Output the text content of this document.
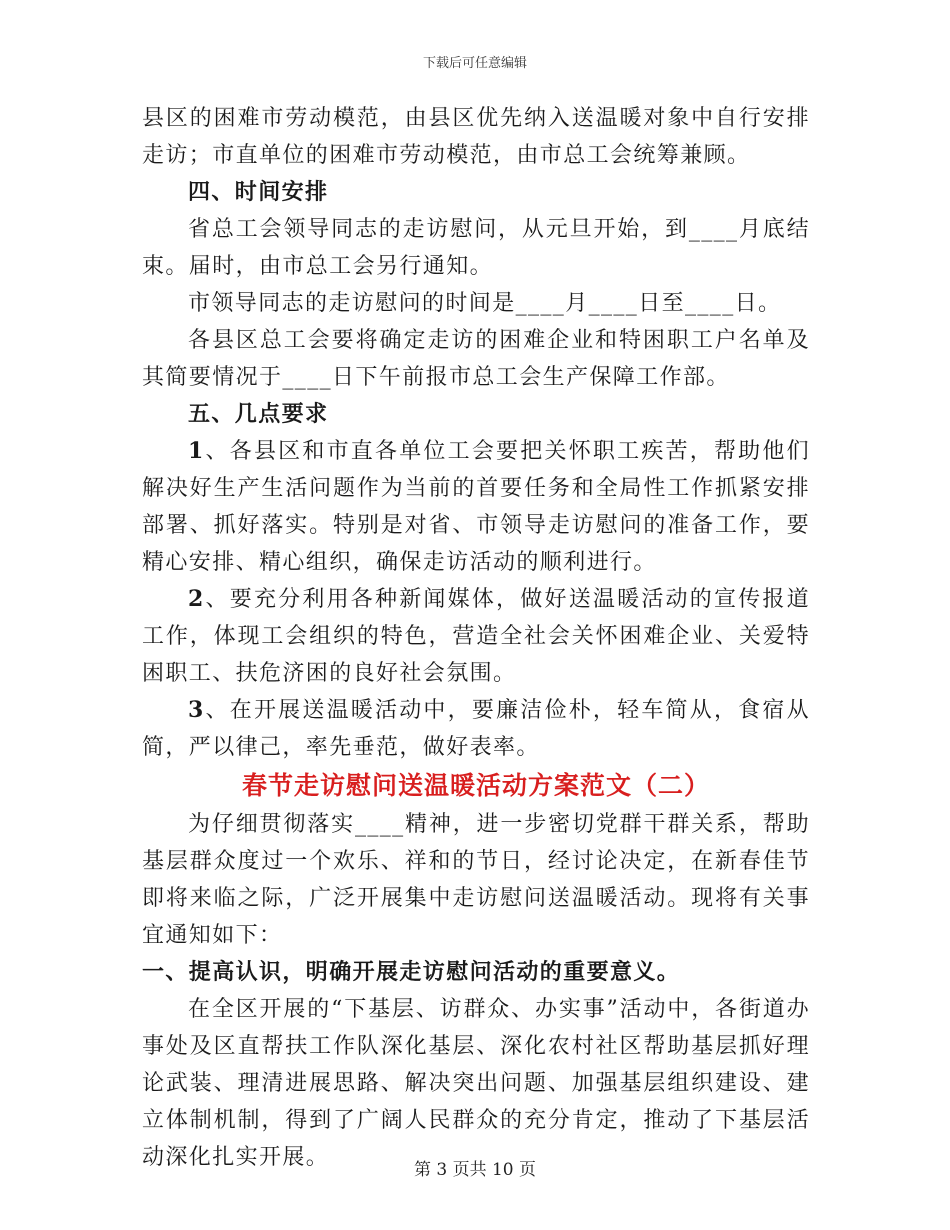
下载后可任意编辑

县区的困难市劳动模范，由县区优先纳入送温暖对象中自行安排走访；市直单位的困难市劳动模范，由市总工会统筹兼顾。

四、时间安排

省总工会领导同志的走访慰问，从元旦开始，到____月底结束。届时，由市总工会另行通知。

市领导同志的走访慰问的时间是____月____日至____日。

各县区总工会要将确定走访的困难企业和特困职工户名单及其简要情况于____日下午前报市总工会生产保障工作部。

五、几点要求

1、各县区和市直各单位工会要把关怀职工疾苦，帮助他们解决好生产生活问题作为当前的首要任务和全局性工作抓紧安排部署、抓好落实。特别是对省、市领导走访慰问的准备工作，要精心安排、精心组织，确保走访活动的顺利进行。

2、要充分利用各种新闻媒体，做好送温暖活动的宣传报道工作，体现工会组织的特色，营造全社会关怀困难企业、关爱特困职工、扶危济困的良好社会氛围。

3、在开展送温暖活动中，要廉洁俭朴，轻车简从，食宿从简，严以律己，率先垂范，做好表率。

春节走访慰问送温暖活动方案范文（二）

为仔细贯彻落实____精神，进一步密切党群干群关系，帮助基层群众度过一个欢乐、祥和的节日，经讨论决定，在新春佳节即将来临之际，广泛开展集中走访慰问送温暖活动。现将有关事宜通知如下：

一、提高认识，明确开展走访慰问活动的重要意义。

在全区开展的“下基层、访群众、办实事”活动中，各街道办事处及区直帮扶工作队深化基层、深化农村社区帮助基层抓好理论武装、理清进展思路、解决突出问题、加强基层组织建设、建立体制机制，得到了广阔人民群众的充分肯定，推动了下基层活动深化扎实开展。	第 3 页共 10 页
